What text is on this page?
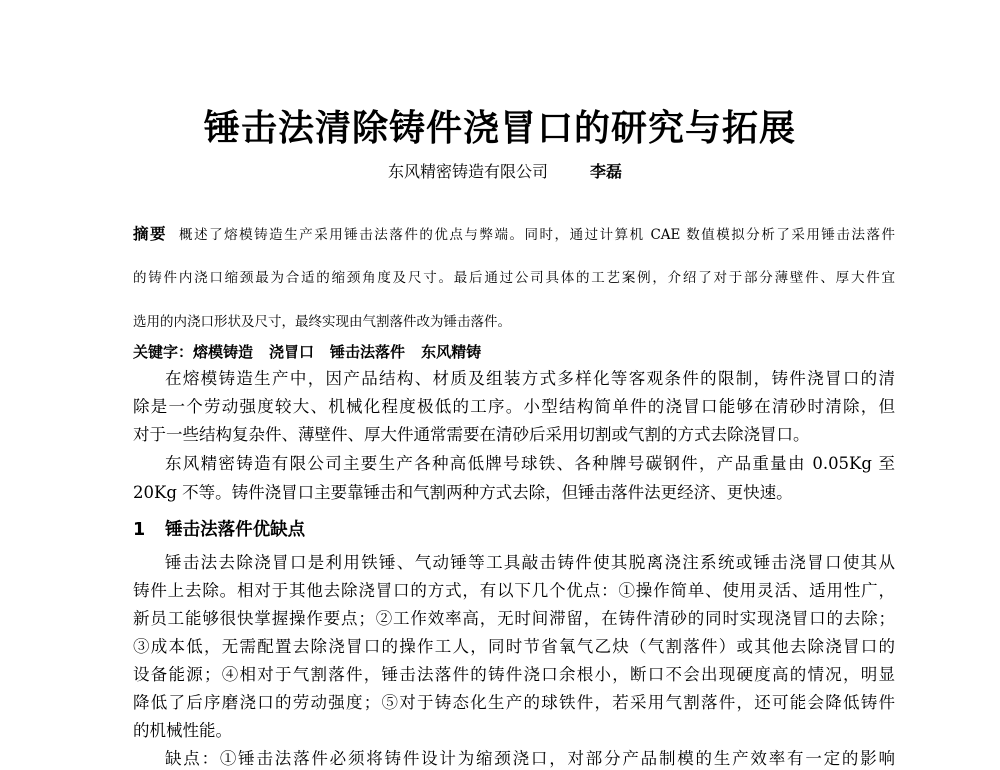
锤击法清除铸件浇冒口的研究与拓展
东风精密铸造有限公司	李磊
摘要 概述了熔模铸造生产采用锤击法落件的优点与弊端。同时，通过计算机 CAE 数值模拟分析了采用锤击法落件
的铸件内浇口缩颈最为合适的缩颈角度及尺寸。最后通过公司具体的工艺案例，介绍了对于部分薄壁件、厚大件宜
选用的内浇口形状及尺寸，最终实现由气割落件改为锤击落件。
关键字：熔模铸造 浇冒口 锤击法落件 东风精铸
在熔模铸造生产中，因产品结构、材质及组装方式多样化等客观条件的限制，铸件浇冒口的清
除是一个劳动强度较大、机械化程度极低的工序。小型结构简单件的浇冒口能够在清砂时清除，但
对于一些结构复杂件、薄壁件、厚大件通常需要在清砂后采用切割或气割的方式去除浇冒口。
东风精密铸造有限公司主要生产各种高低牌号球铁、各种牌号碳钢件，产品重量由 0.05Kg 至
20Kg 不等。铸件浇冒口主要靠锤击和气割两种方式去除，但锤击落件法更经济、更快速。
1 锤击法落件优缺点
锤击法去除浇冒口是利用铁锤、气动锤等工具敲击铸件使其脱离浇注系统或锤击浇冒口使其从
铸件上去除。相对于其他去除浇冒口的方式，有以下几个优点：①操作简单、使用灵活、适用性广，
新员工能够很快掌握操作要点；②工作效率高，无时间滞留，在铸件清砂的同时实现浇冒口的去除；
③成本低，无需配置去除浇冒口的操作工人，同时节省氧气乙炔（气割落件）或其他去除浇冒口的
设备能源；④相对于气割落件，锤击法落件的铸件浇口余根小，断口不会出现硬度高的情况，明显
降低了后序磨浇口的劳动强度；⑤对于铸态化生产的球铁件，若采用气割落件，还可能会降低铸件
的机械性能。
缺点：①锤击法落件必须将铸件设计为缩颈浇口，对部分产品制模的生产效率有一定的影响
